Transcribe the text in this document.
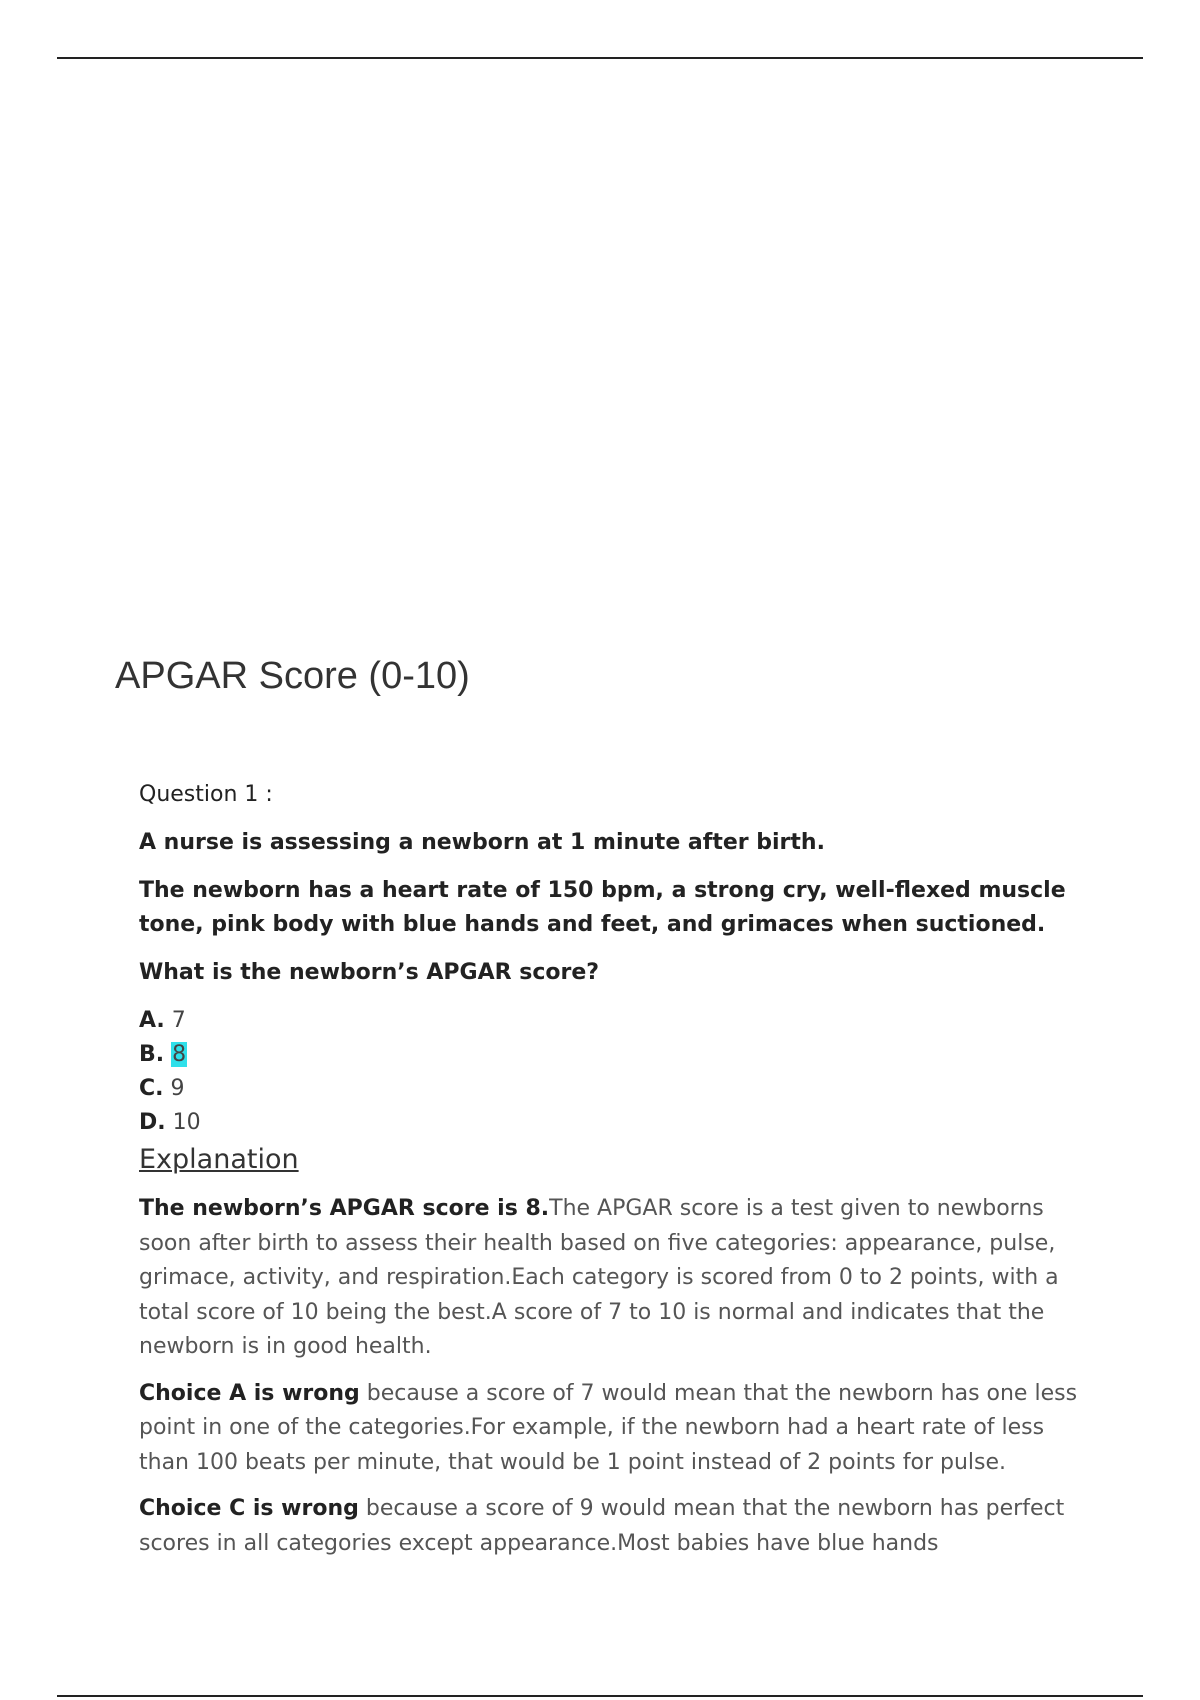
APGAR Score (0-10)

Question 1 :

A nurse is assessing a newborn at 1 minute after birth.

The newborn has a heart rate of 150 bpm, a strong cry, well-flexed muscle tone, pink body with blue hands and feet, and grimaces when suctioned.

What is the newborn’s APGAR score?

A. 7

B. 8

C. 9

D. 10

Explanation

The newborn’s APGAR score is 8.The APGAR score is a test given to newborns soon after birth to assess their health based on five categories: appearance, pulse, grimace, activity, and respiration.Each category is scored from 0 to 2 points, with a total score of 10 being the best.A score of 7 to 10 is normal and indicates that the newborn is in good health.

Choice A is wrong because a score of 7 would mean that the newborn has one less point in one of the categories.For example, if the newborn had a heart rate of less than 100 beats per minute, that would be 1 point instead of 2 points for pulse.

Choice C is wrong because a score of 9 would mean that the newborn has perfect scores in all categories except appearance.Most babies have blue hands
